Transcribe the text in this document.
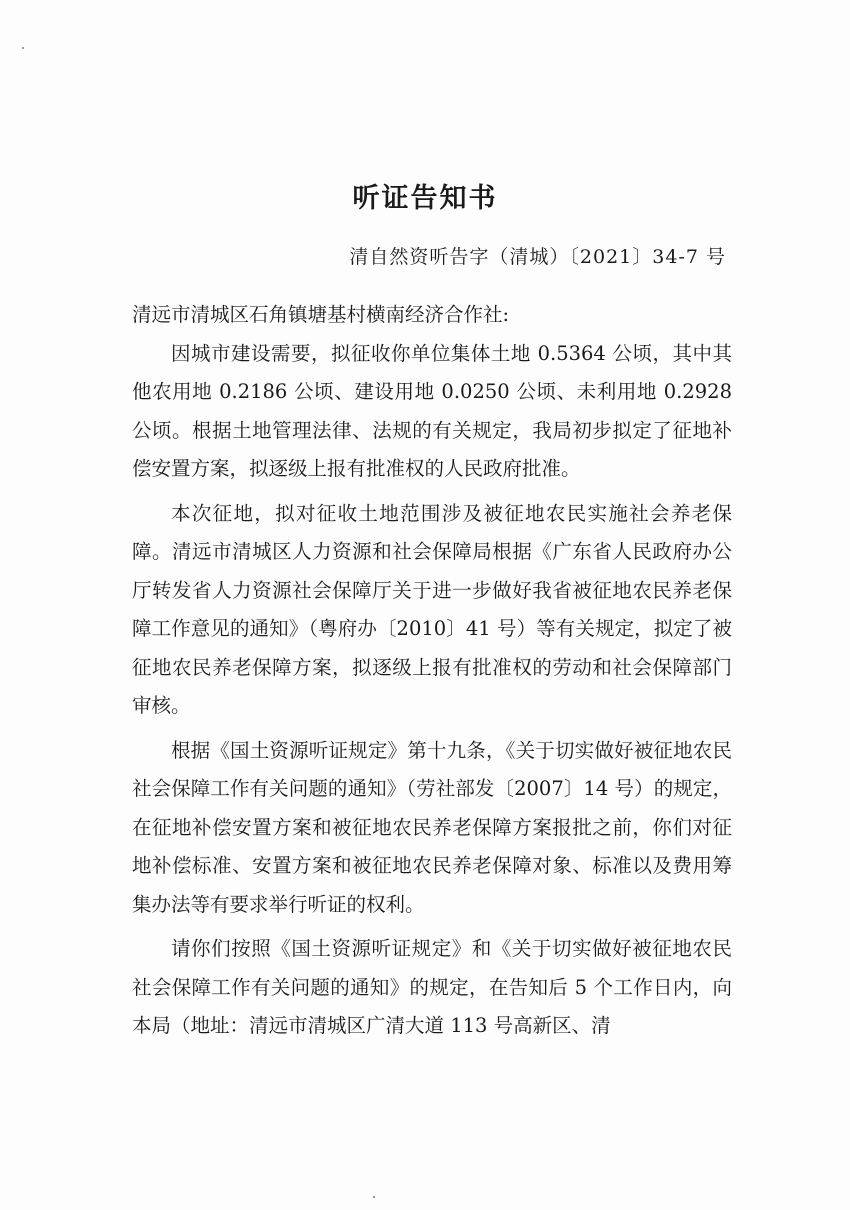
听证告知书
清自然资听告字（清城）〔2021〕34-7 号

清远市清城区石角镇塘基村横南经济合作社:

因城市建设需要，拟征收你单位集体土地 0.5364 公顷，其中其他农用地 0.2186 公顷、建设用地 0.0250 公顷、未利用地 0.2928 公顷。根据土地管理法律、法规的有关规定，我局初步拟定了征地补偿安置方案，拟逐级上报有批准权的人民政府批准。

本次征地，拟对征收土地范围涉及被征地农民实施社会养老保障。清远市清城区人力资源和社会保障局根据《广东省人民政府办公厅转发省人力资源社会保障厅关于进一步做好我省被征地农民养老保障工作意见的通知》（粤府办〔2010〕41 号）等有关规定，拟定了被征地农民养老保障方案，拟逐级上报有批准权的劳动和社会保障部门审核。

根据《国土资源听证规定》第十九条，《关于切实做好被征地农民社会保障工作有关问题的通知》（劳社部发〔2007〕14 号）的规定，在征地补偿安置方案和被征地农民养老保障方案报批之前，你们对征地补偿标准、安置方案和被征地农民养老保障对象、标准以及费用筹集办法等有要求举行听证的权利。

请你们按照《国土资源听证规定》和《关于切实做好被征地农民社会保障工作有关问题的通知》的规定，在告知后 5 个工作日内，向本局（地址：清远市清城区广清大道 113 号高新区、清
